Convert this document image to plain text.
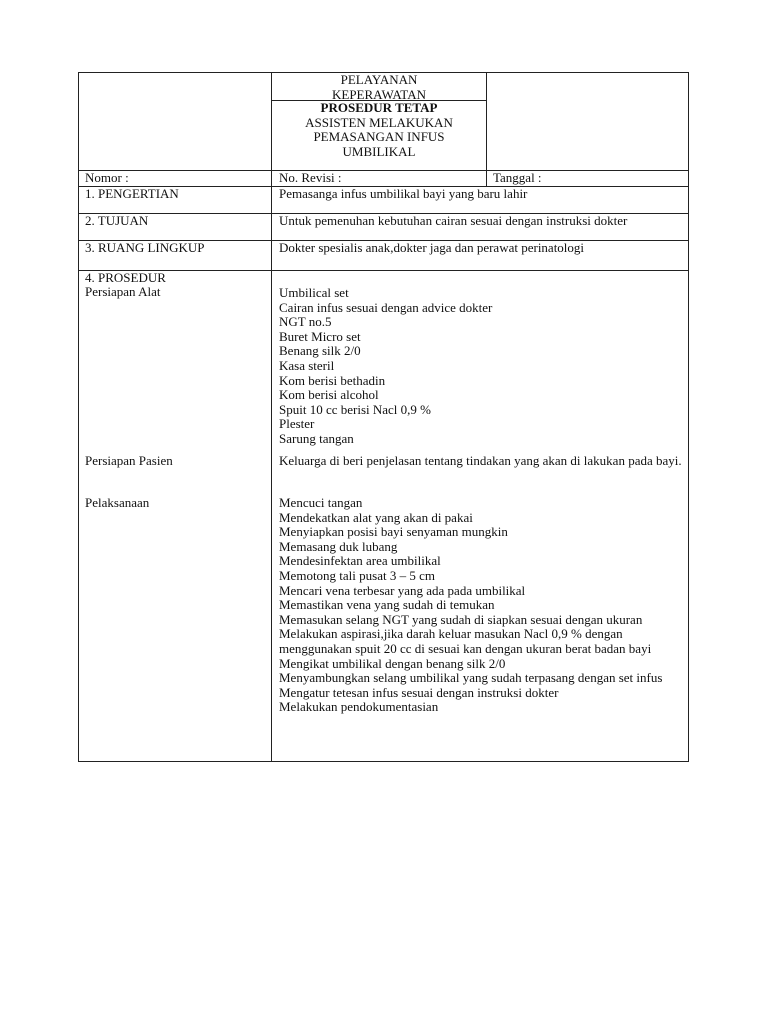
PELAYANAN
KEPERAWATAN
PROSEDUR TETAP
ASSISTEN MELAKUKAN
PEMASANGAN INFUS
UMBILIKAL
Nomor :	No. Revisi :	Tanggal :
1. PENGERTIAN	Pemasanga infus umbilikal bayi yang baru lahir
2. TUJUAN	Untuk pemenuhan kebutuhan cairan sesuai dengan instruksi dokter
3. RUANG LINGKUP	Dokter spesialis anak,dokter jaga dan perawat perinatologi
4. PROSEDUR
Persiapan Alat	Umbilical set
Cairan infus sesuai dengan advice dokter
NGT no.5
Buret Micro set
Benang silk 2/0
Kasa steril
Kom berisi bethadin
Kom berisi alcohol
Spuit 10 cc berisi Nacl 0,9 %
Plester
Sarung tangan
Persiapan Pasien	Keluarga di beri penjelasan tentang tindakan yang akan di lakukan pada bayi.
Pelaksanaan	Mencuci tangan
Mendekatkan alat yang akan di pakai
Menyiapkan posisi bayi senyaman mungkin
Memasang duk lubang
Mendesinfektan area umbilikal
Memotong tali pusat 3 – 5 cm
Mencari vena terbesar yang ada pada umbilikal
Memastikan vena yang sudah di temukan
Memasukan selang NGT yang sudah di siapkan sesuai dengan ukuran
Melakukan aspirasi,jika darah keluar masukan Nacl 0,9 % dengan menggunakan spuit 20 cc di sesuai kan dengan ukuran berat badan bayi
Mengikat umbilikal dengan benang silk 2/0
Menyambungkan selang umbilikal yang sudah terpasang dengan set infus
Mengatur tetesan infus sesuai dengan instruksi dokter
Melakukan pendokumentasian
